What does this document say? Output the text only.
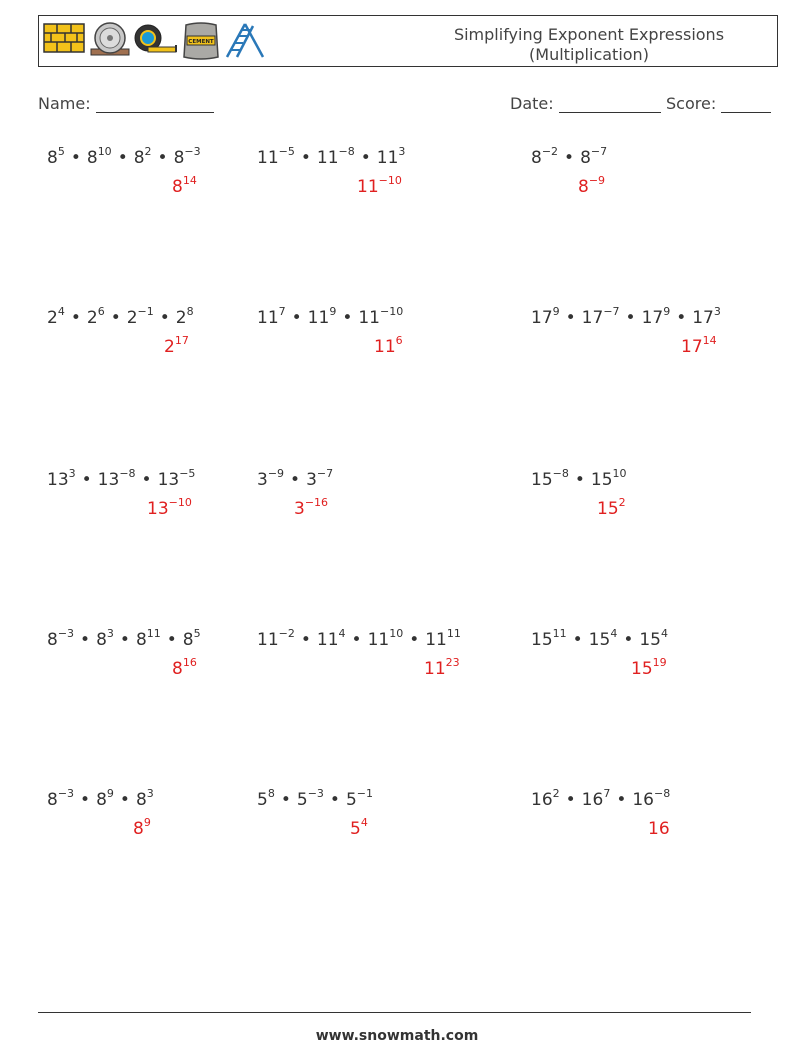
CEMENT	Simplifying Exponent Expressions
(Multiplication)
Name:	Date:	Score:
$8^5$ • $8^{10}$ • $8^2$ • $8^{-3}$
$8^{14}$
$11^{-5}$ • $11^{-8}$ • $11^3$
$11^{-10}$
$8^{-2}$ • $8^{-7}$
$8^{-9}$
$2^4$ • $2^6$ • $2^{-1}$ • $2^8$
$2^{17}$
$11^7$ • $11^9$ • $11^{-10}$
$11^6$
$17^9$ • $17^{-7}$ • $17^9$ • $17^3$
$17^{14}$
$13^3$ • $13^{-8}$ • $13^{-5}$
$13^{-10}$
$3^{-9}$ • $3^{-7}$
$3^{-16}$
$15^{-8}$ • $15^{10}$
$15^2$
$8^{-3}$ • $8^3$ • $8^{11}$ • $8^5$
$8^{16}$
$11^{-2}$ • $11^4$ • $11^{10}$ • $11^{11}$
$11^{23}$
$15^{11}$ • $15^4$ • $15^4$
$15^{19}$
$8^{-3}$ • $8^9$ • $8^3$
$8^9$
$5^8$ • $5^{-3}$ • $5^{-1}$
$5^4$
$16^2$ • $16^7$ • $16^{-8}$
16
www.snowmath.com
